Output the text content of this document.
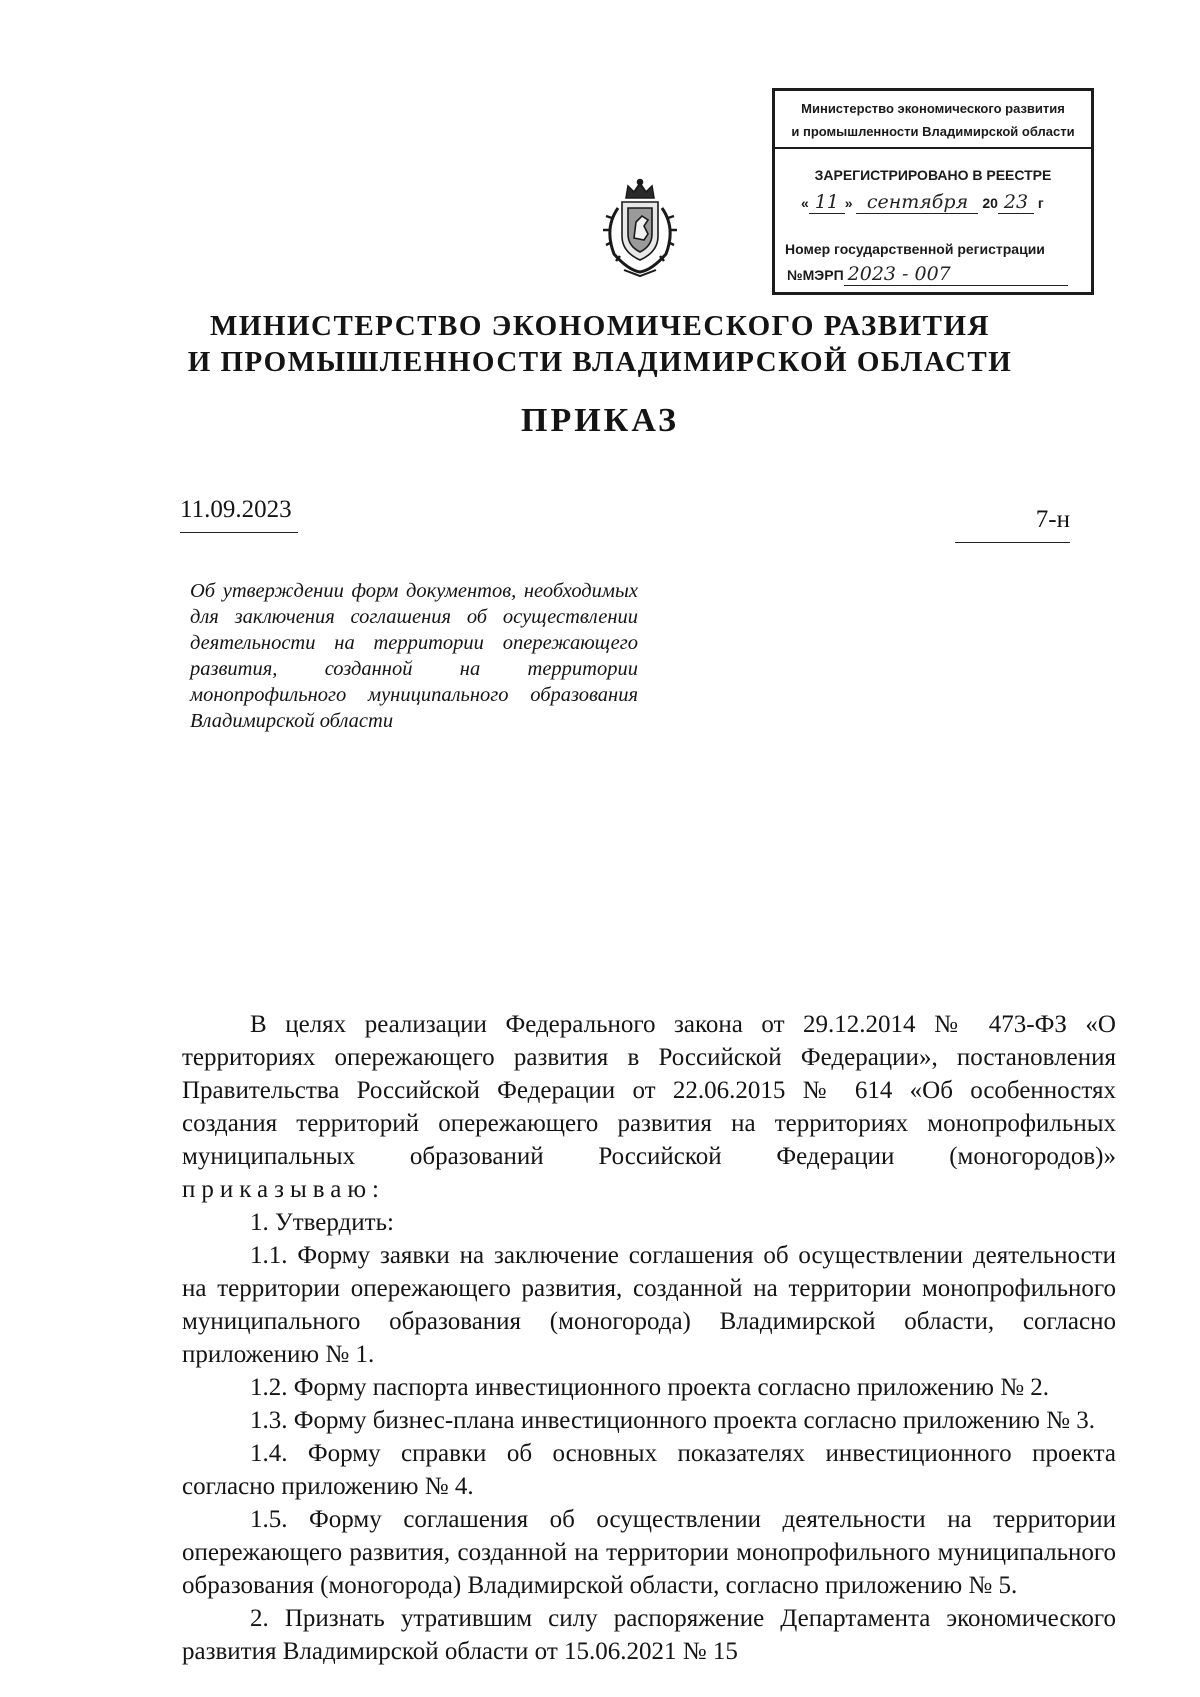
Министерство экономического развития
и промышленности Владимирской области
ЗАРЕГИСТРИРОВАНО В РЕЕСТРЕ
« 11 » сентября 20 23 г
Номер государственной регистрации
№МЭРП 2023 - 007
МИНИСТЕРСТВО ЭКОНОМИЧЕСКОГО РАЗВИТИЯ
И ПРОМЫШЛЕННОСТИ ВЛАДИМИРСКОЙ ОБЛАСТИ
ПРИКАЗ
11.09.2023	7-н
Об утверждении форм документов, необходимых для заключения соглашения об осуществлении деятельности на территории опережающего развития, созданной на территории монопрофильного муниципального образования Владимирской области

В целях реализации Федерального закона от 29.12.2014 № 473-ФЗ «О территориях опережающего развития в Российской Федерации», постановления Правительства Российской Федерации от 22.06.2015 № 614 «Об особенностях создания территорий опережающего развития на территориях монопрофильных муниципальных образований Российской Федерации (моногородов)» приказываю:

1. Утвердить:

1.1. Форму заявки на заключение соглашения об осуществлении деятельности на территории опережающего развития, созданной на территории монопрофильного муниципального образования (моногорода) Владимирской области, согласно приложению № 1.

1.2. Форму паспорта инвестиционного проекта согласно приложению № 2.

1.3. Форму бизнес-плана инвестиционного проекта согласно приложению № 3.

1.4. Форму справки об основных показателях инвестиционного проекта согласно приложению № 4.

1.5. Форму соглашения об осуществлении деятельности на территории опережающего развития, созданной на территории монопрофильного муниципального образования (моногорода) Владимирской области, согласно приложению № 5.

2. Признать утратившим силу распоряжение Департамента экономического развития Владимирской области от 15.06.2021 № 15
